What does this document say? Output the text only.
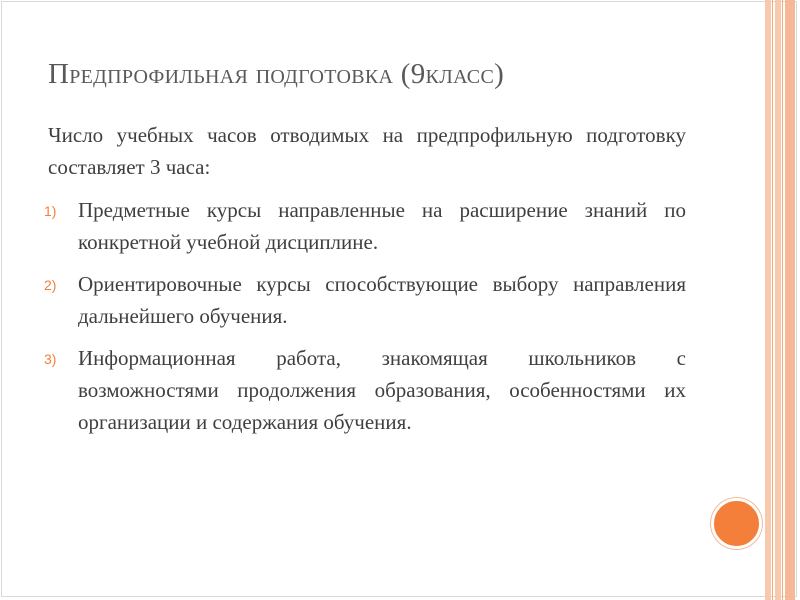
Предпрофильная подготовка (9класс)

Число учебных часов отводимых на предпрофильную подготовку составляет 3 часа:

1) Предметные курсы направленные на расширение знаний по конкретной учебной дисциплине.
2) Ориентировочные курсы способствующие выбору направления дальнейшего обучения.
3) Информационная работа, знакомящая школьников с возможностями продолжения образования, особенностями их организации и содержания обучения.
